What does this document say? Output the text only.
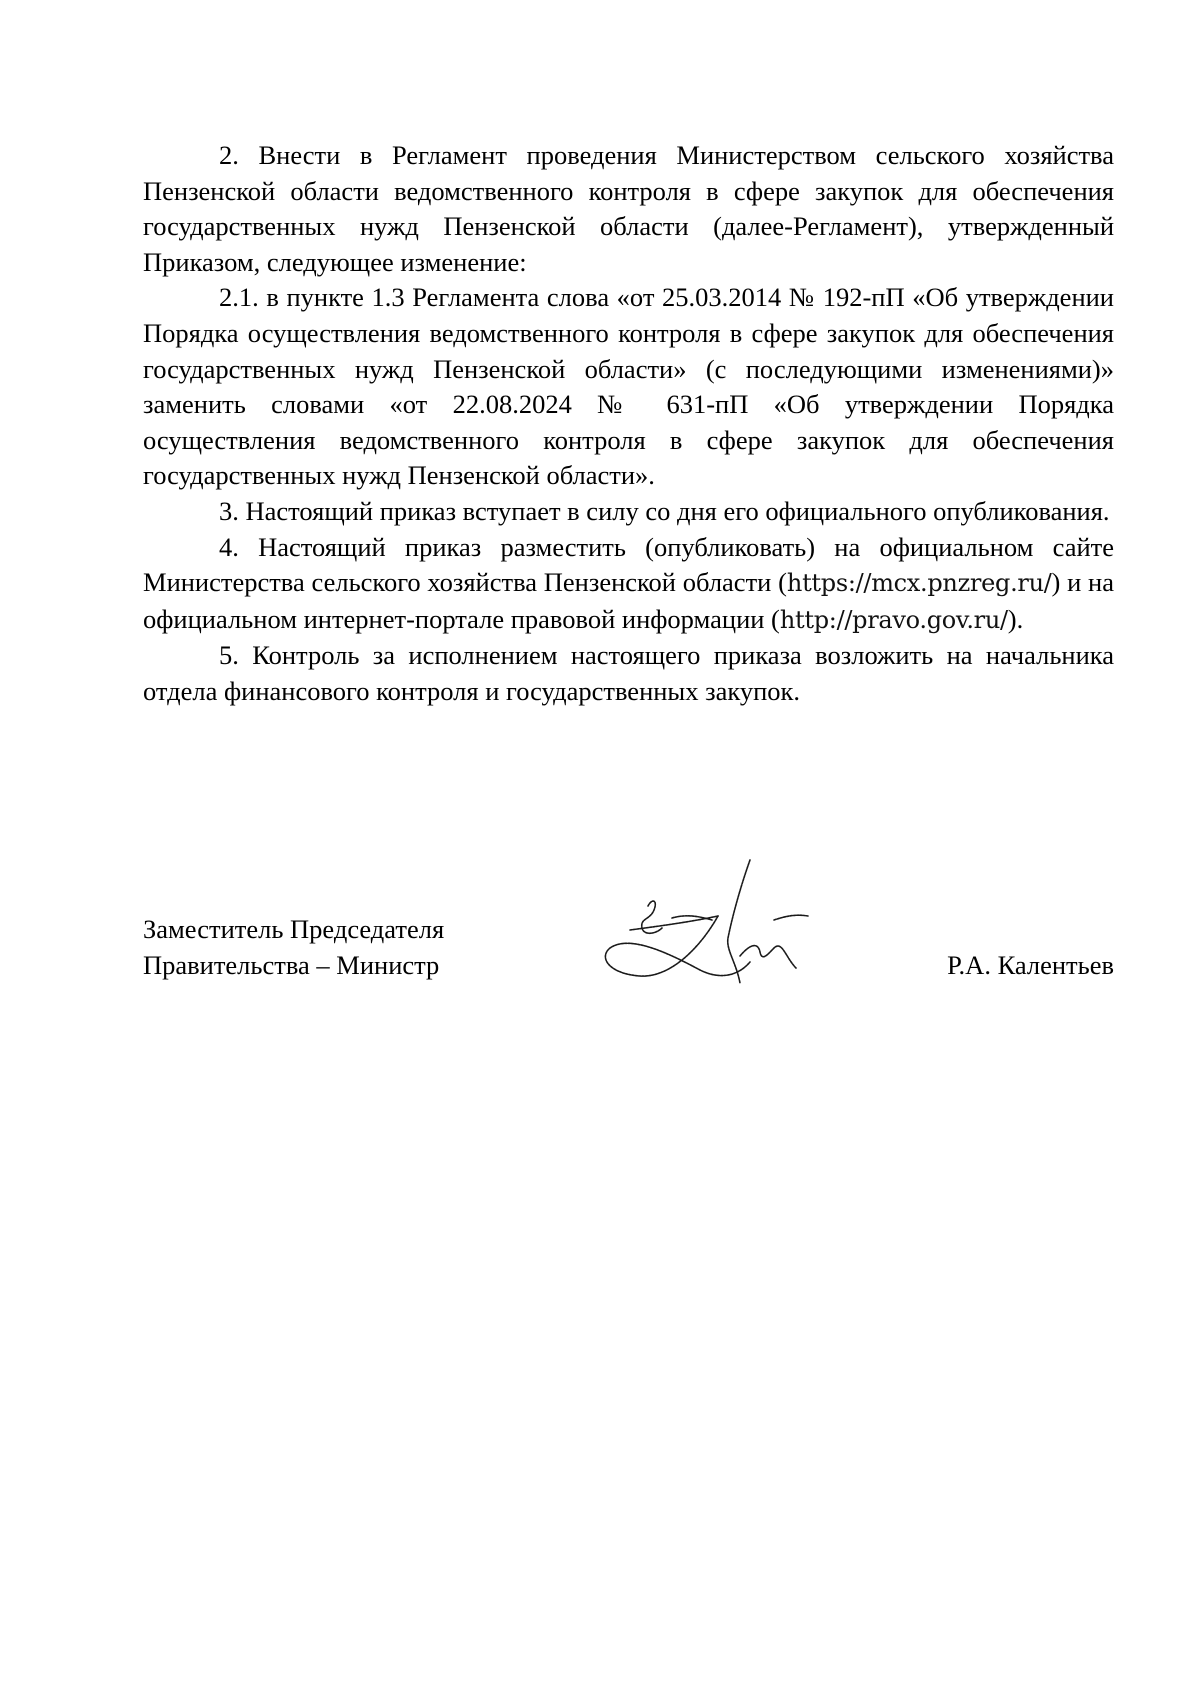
2. Внести в Регламент проведения Министерством сельского хозяйства Пензенской области ведомственного контроля в сфере закупок для обеспечения государственных нужд Пензенской области (далее-Регламент), утвержденный Приказом, следующее изменение:

2.1. в пункте 1.3 Регламента слова «от 25.03.2014 № 192-пП «Об утверждении Порядка осуществления ведомственного контроля в сфере закупок для обеспечения государственных нужд Пензенской области» (с последующими изменениями)» заменить словами «от 22.08.2024 № 631-пП «Об утверждении Порядка осуществления ведомственного контроля в сфере закупок для обеспечения государственных нужд Пензенской области».

3. Настоящий приказ вступает в силу со дня его официального опубликования.

4. Настоящий приказ разместить (опубликовать) на официальном сайте Министерства сельского хозяйства Пензенской области (https://mcx.pnzreg.ru/) и на официальном интернет-портале правовой информации (http://pravo.gov.ru/).

5. Контроль за исполнением настоящего приказа возложить на начальника отдела финансового контроля и государственных закупок.

Заместитель Председателя
Правительства – Министр	Р.А. Калентьев
